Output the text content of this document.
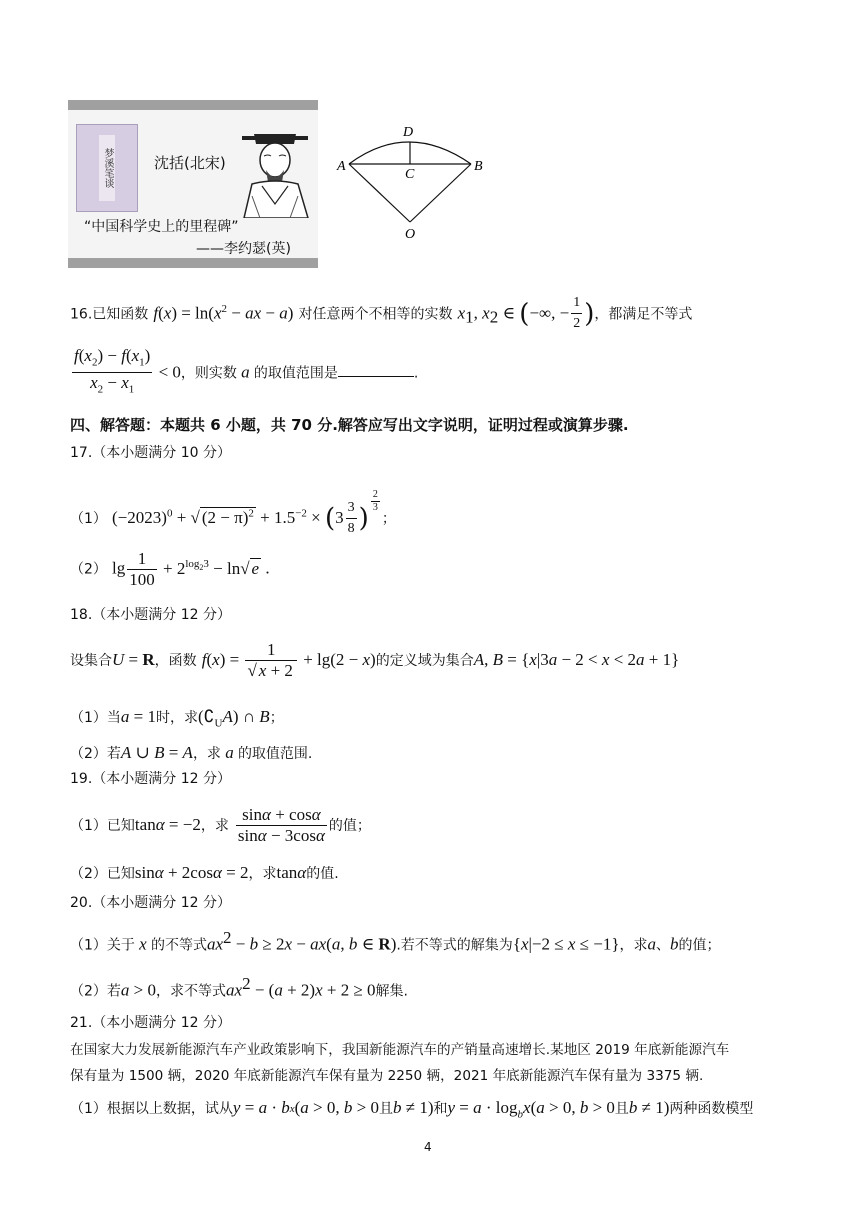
梦溪笔谈	沈括(北宋)
“中国科学史上的里程碑”
——李约瑟(英)
D
A	B
C
O
16.已知函数 $f(x) = \ln(x^2$ − ax − a) 对任意两个不相等的实数 $x_1$, $x_2$ ∈ (−∞, − $\frac{1}{2}$ )，都满足不等式
$\frac{f(x_2) - f(x_1)}{x_2 - x_1} < 0$，则实数 a 的取值范围是	.
四、解答题：本题共 6 小题，共 70 分.解答应写出文字说明，证明过程或演算步骤.
17.（本小题满分 10 分）
（1） $(-2023)^0$ + √ $(2 - \pi)^2 + 1.5^{-2} \times (3 \frac{3}{8}$ )
$^{\frac{2}{3}}$
；
（2） $\lg \frac{1}{100} + 2^{log_23} - \ln√$ e .
18.（本小题满分 12 分）
设集合U = R，函数 $f(x) = \frac{1}{√ x + 2} + \lg(2 - x)$的定义域为集合A, B = {x|3a − 2 < x < 2a + 1}
（1）当a = 1时，求$(∁_UA)$ ∩ B；
（2）若A ∪ B = A，求 a 的取值范围.
19.（本小题满分 12 分）
（1）已知tanα = −2，求 $\frac{\sin\alpha + \cos\alpha}{\sin\alpha - 3\cos\alpha}$ 的值；
（2）已知sinα + 2cosα = 2，求tanα的值.
20.（本小题满分 12 分）
（1）关于 x 的不等式$ax^2 - b \ge 2x - ax(a$, b ∈ R).若不等式的解集为{x|−2 ≤ x ≤ −1}，求a、b的值；
（2）若a > 0，求不等式$ax^2 - (a + 2)x + 2 \ge 0$解集.
21.（本小题满分 12 分）
在国家大力发展新能源汽车产业政策影响下，我国新能源汽车的产销量高速增长.某地区 2019 年底新能源汽车
保有量为 1500 辆，2020 年底新能源汽车保有量为 2250 辆，2021 年底新能源汽车保有量为 3375 辆.
（1）根据以上数据，试从$y = a \cdot b^x(a > 0$, b > 0且b ≠ 1)和$y = a \cdot \log_bx(a > 0$, b > 0且b ≠ 1)两种函数模型
4
